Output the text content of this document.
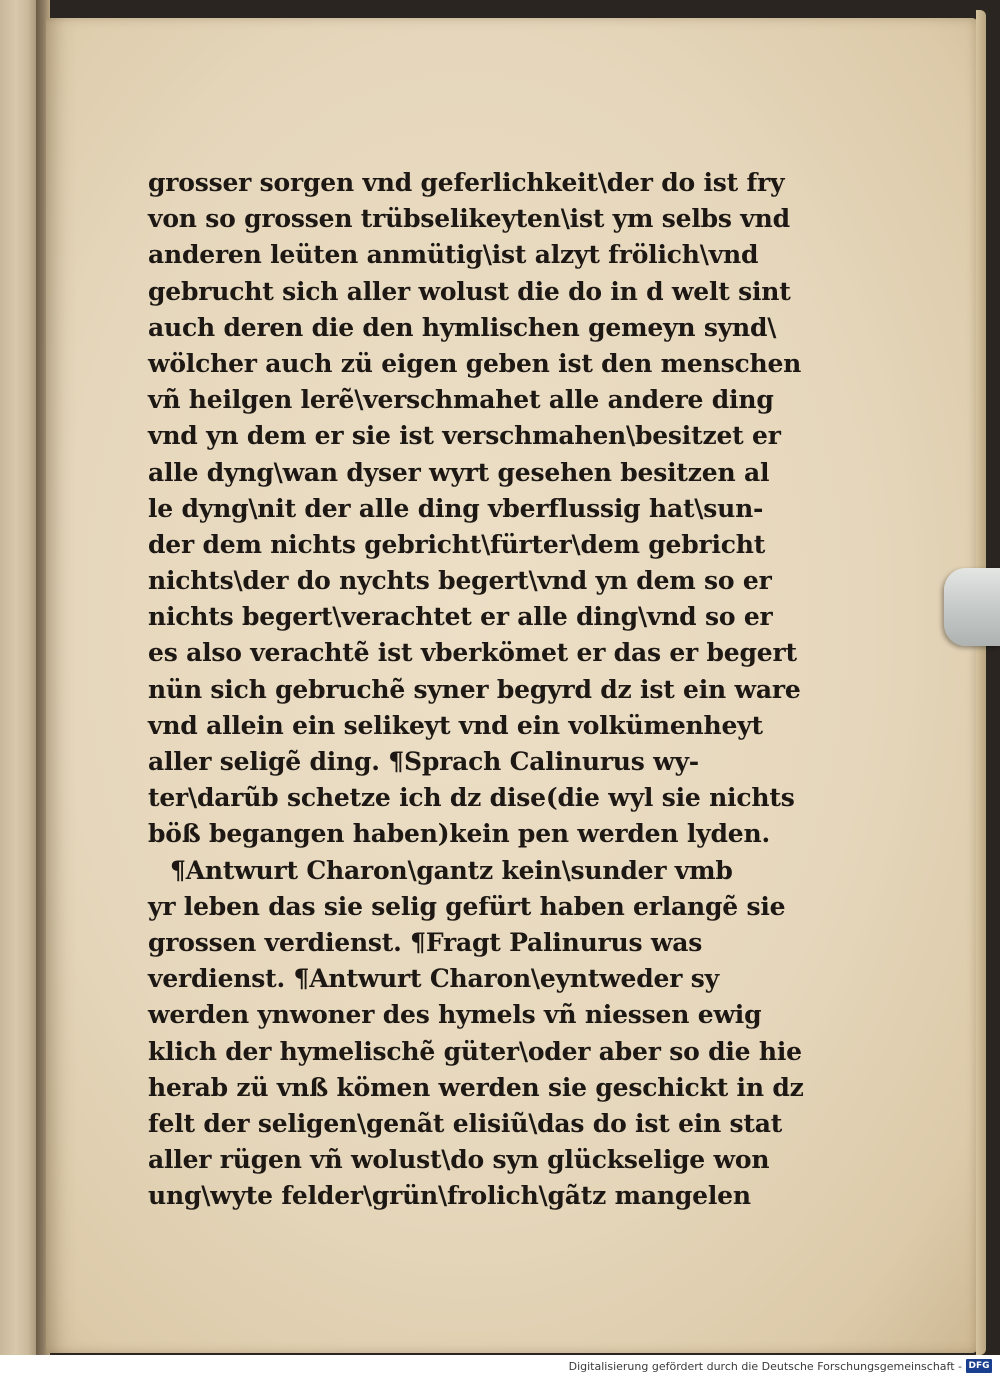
grosser sorgen vnd geferlichkeit\der do ist fry
von so grossen trübselikeyten\ist ym selbs vnd
anderen leüten anmütig\ist alzyt frölich\vnd
gebrucht sich aller wolust die do in d welt sint
auch deren die den hymlischen gemeyn synd\
wölcher auch zü eigen geben ist den menschen
vñ heilgen lerẽ\verschmahet alle andere ding
vnd yn dem er sie ist verschmahen\besitzet er
alle dyng\wan dyser wyrt gesehen besitzen al
le dyng\nit der alle ding vberflussig hat\sun-
der dem nichts gebricht\fürter\dem gebricht
nichts\der do nychts begert\vnd yn dem so er
nichts begert\verachtet er alle ding\vnd so er
es also verachtẽ ist vberkömet er das er begert
nün sich gebruchẽ syner begyrd dz ist ein ware
vnd allein ein selikeyt vnd ein volkümenheyt
aller seligẽ ding. ¶Sprach Calinurus wy-
ter\darũb schetze ich dz dise(die wyl sie nichts
böß begangen haben)kein pen werden lyden.
¶Antwurt Charon\gantz kein\sunder vmb
yr leben das sie selig gefürt haben erlangẽ sie
grossen verdienst. ¶Fragt Palinurus was
verdienst. ¶Antwurt Charon\eyntweder sy
werden ynwoner des hymels vñ niessen ewig
klich der hymelischẽ güter\oder aber so die hie
herab zü vnß kömen werden sie geschickt in dz
felt der seligen\genãt elisiũ\das do ist ein stat
aller rügen vñ wolust\do syn glückselige won
ung\wyte felder\grün\frolich\gãtz mangelen
Digitalisierung gefördert durch die Deutsche Forschungsgemeinschaft - DFG
